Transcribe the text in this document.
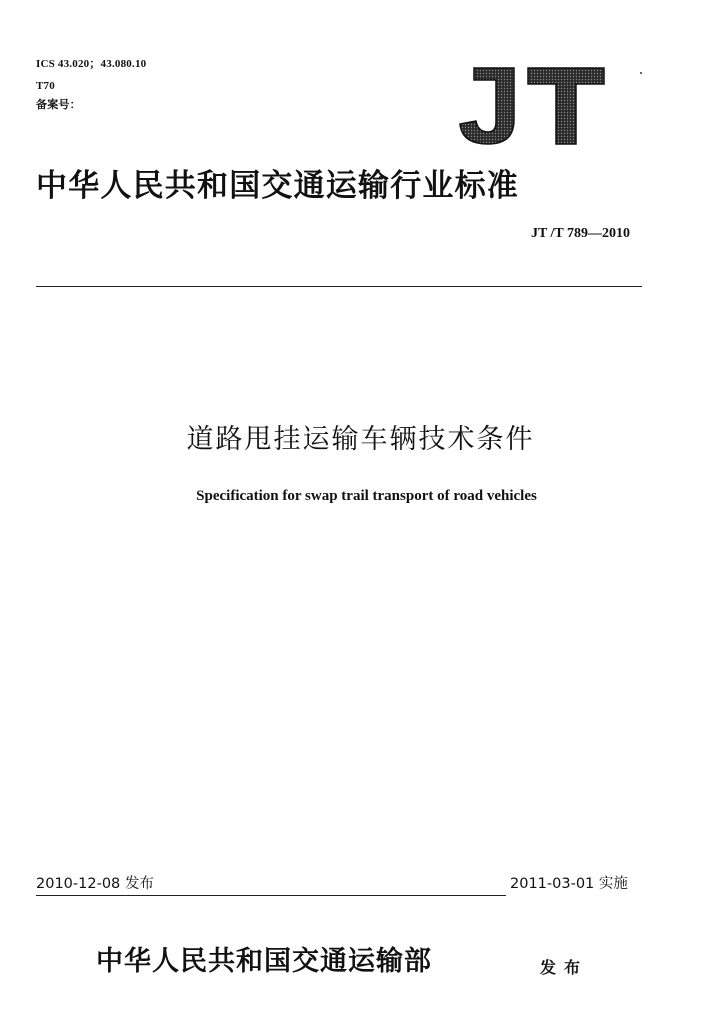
ICS 43.020；43.080.10
T70
备案号：
中华人民共和国交通运输行业标准
JT /T 789—2010
道路甩挂运输车辆技术条件
Specification for swap trail transport of road vehicles
2010-12-08 发布	2011-03-01 实施
中华人民共和国交通运输部	发布
